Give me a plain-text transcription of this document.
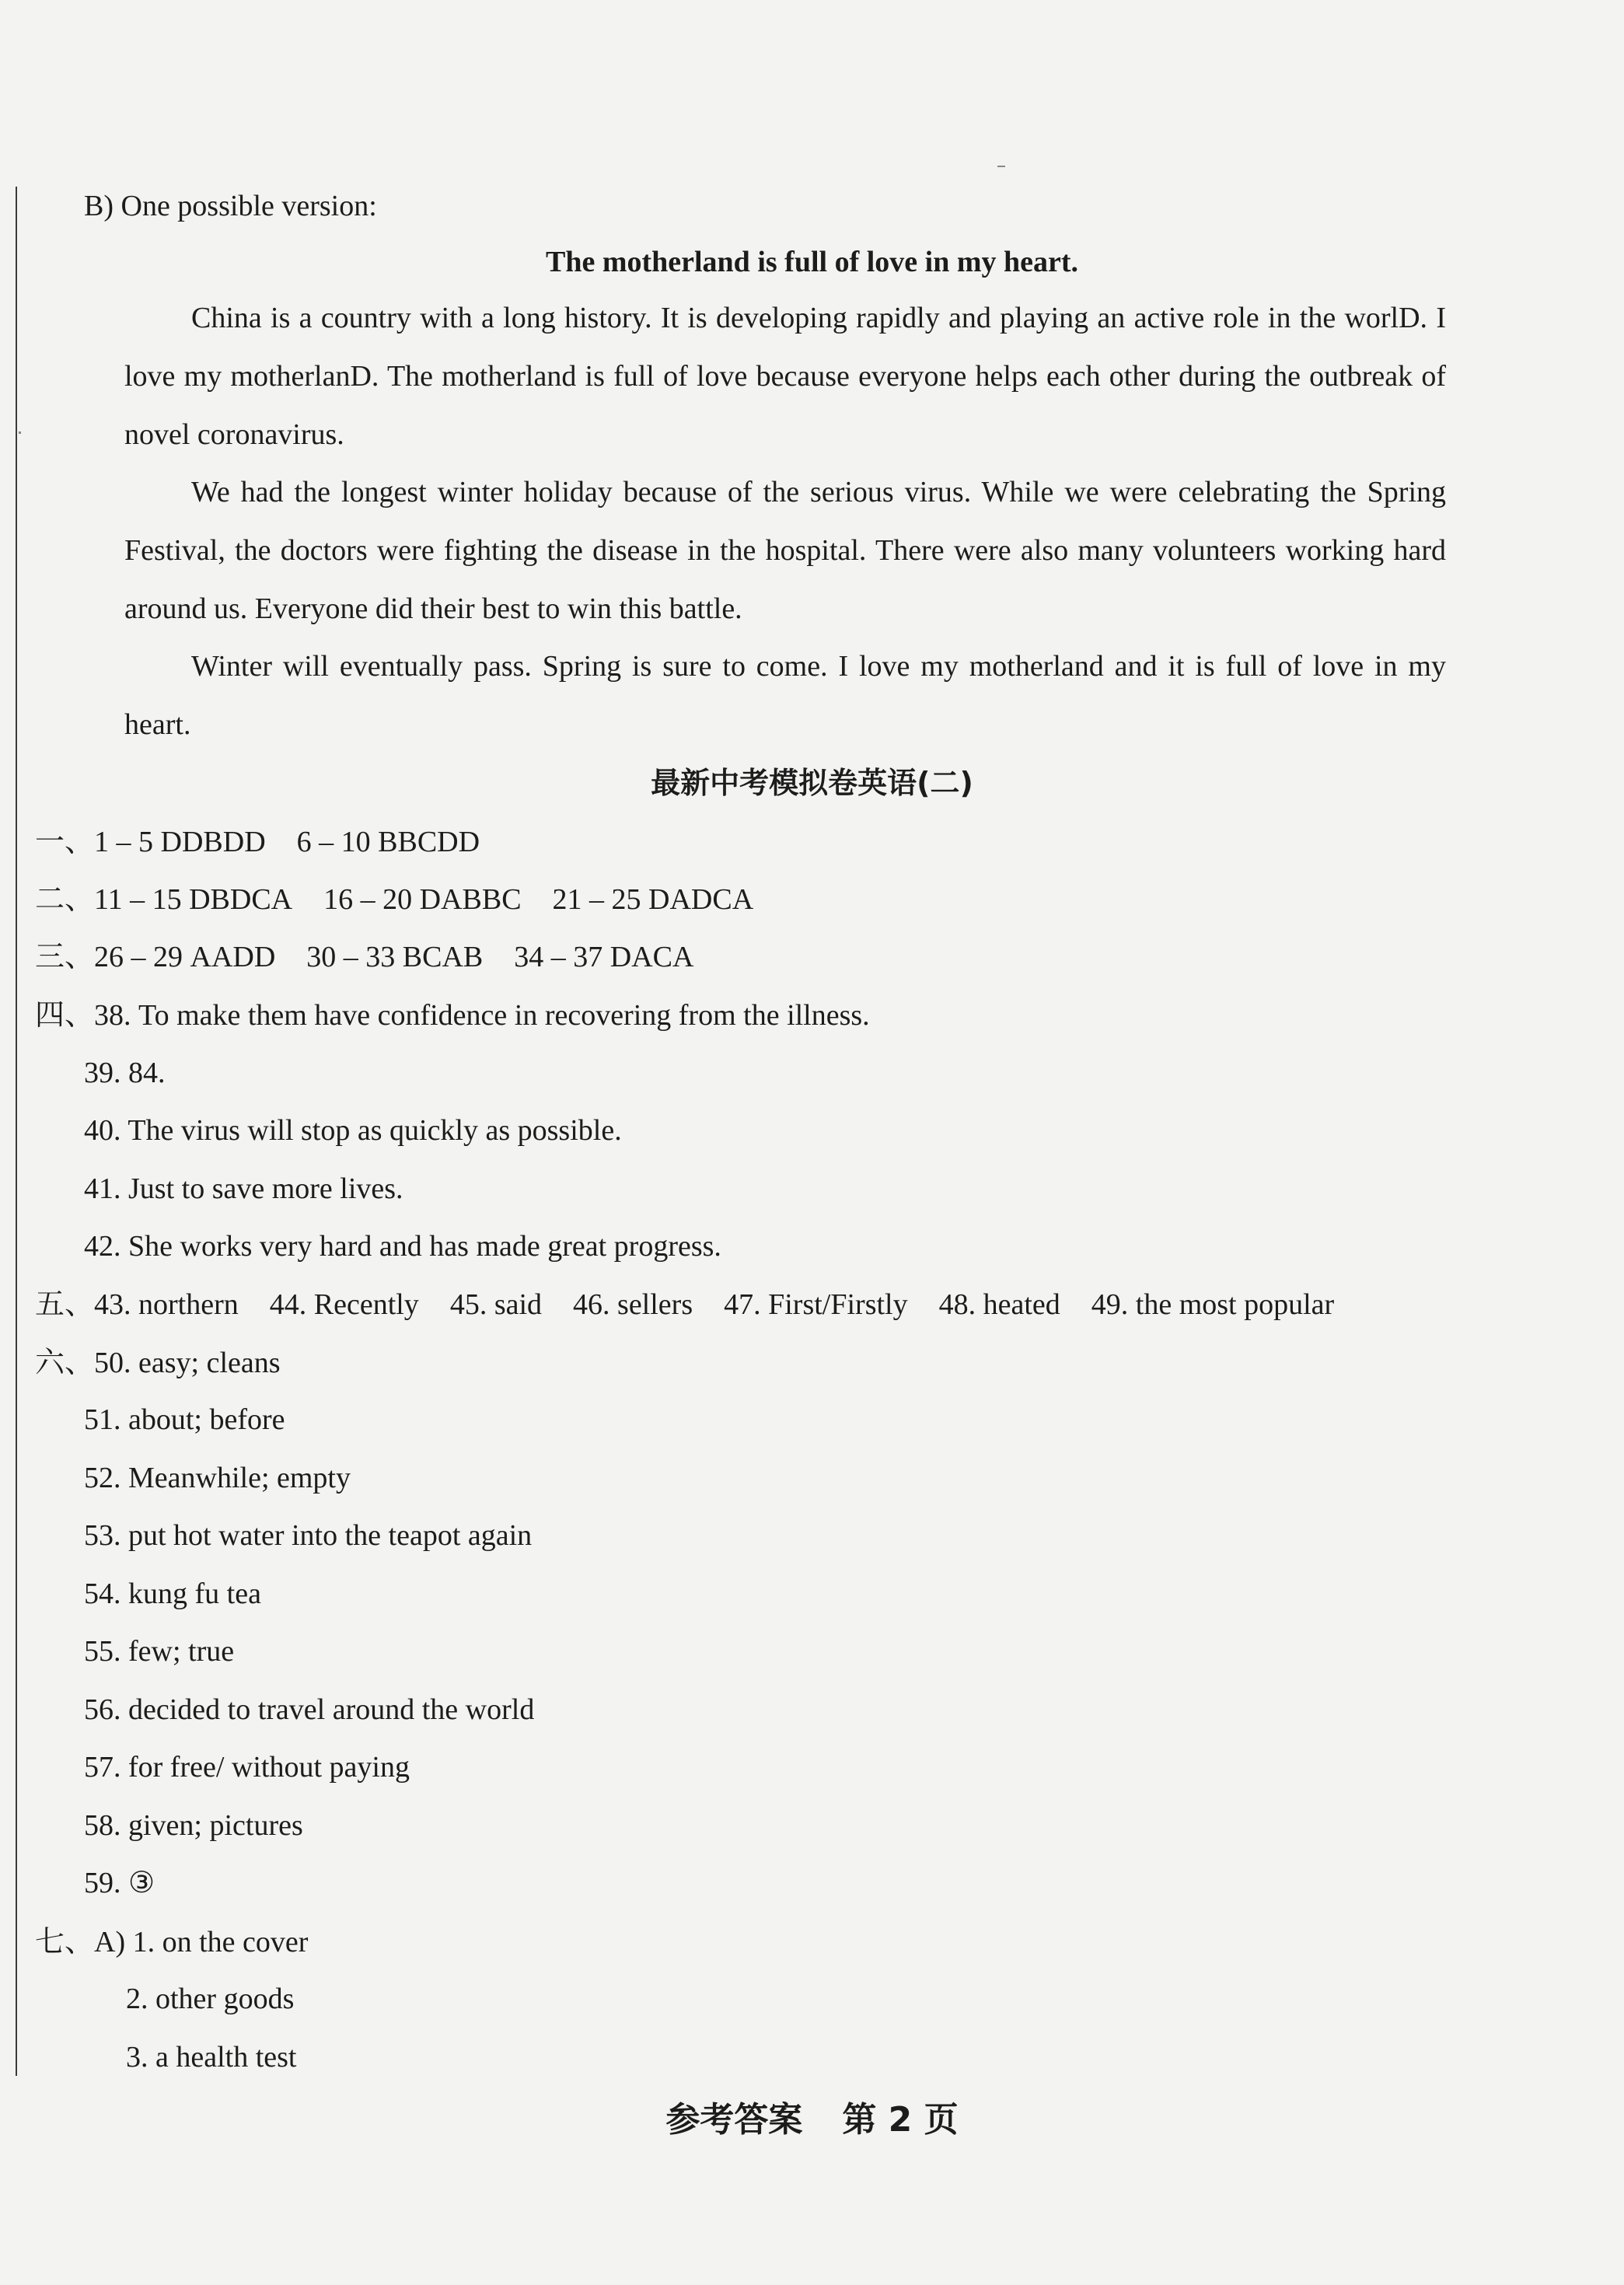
B) One possible version:
The motherland is full of love in my heart.
China is a country with a long history. It is developing rapidly and playing an active role in the worlD. I love my motherlanD. The motherland is full of love because everyone helps each other during the outbreak of novel coronavirus.
We had the longest winter holiday because of the serious virus. While we were celebrating the Spring Festival, the doctors were fighting the disease in the hospital. There were also many volunteers working hard around us. Everyone did their best to win this battle.
Winter will eventually pass. Spring is sure to come. I love my motherland and it is full of love in my heart.
最新中考模拟卷英语(二)
一、1 – 5 DDBDD 6 – 10 BBCDD
二、11 – 15 DBDCA 16 – 20 DABBC 21 – 25 DADCA
三、26 – 29 AADD 30 – 33 BCAB 34 – 37 DACA
四、38. To make them have confidence in recovering from the illness.
39. 84.
40. The virus will stop as quickly as possible.
41. Just to save more lives.
42. She works very hard and has made great progress.
五、43. northern 44. Recently 45. said 46. sellers 47. First/Firstly 48. heated 49. the most popular
六、50. easy; cleans
51. about; before
52. Meanwhile; empty
53. put hot water into the teapot again
54. kung fu tea
55. few; true
56. decided to travel around the world
57. for free/ without paying
58. given; pictures
59. ③
七、A) 1. on the cover
2. other goods
3. a health test
参考答案 第 2 页
